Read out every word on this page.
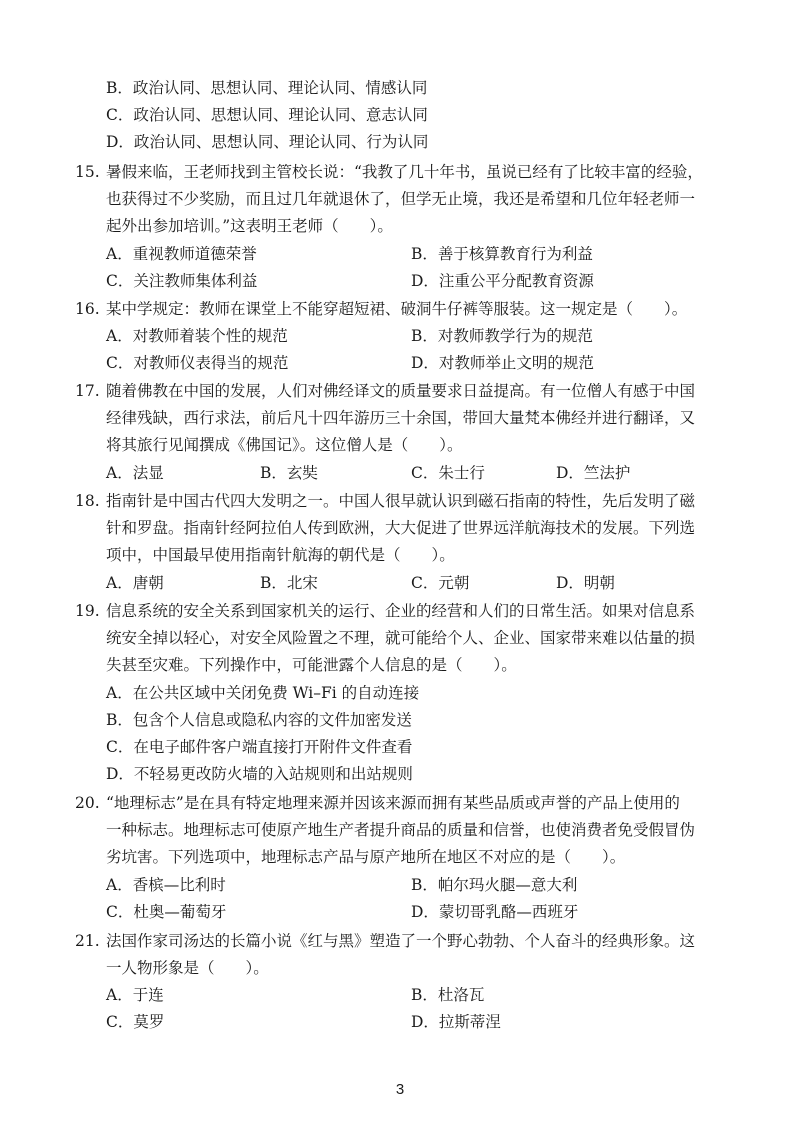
B．政治认同、思想认同、理论认同、情感认同
C．政治认同、思想认同、理论认同、意志认同
D．政治认同、思想认同、理论认同、行为认同
15. 暑假来临，王老师找到主管校长说：“我教了几十年书，虽说已经有了比较丰富的经验，
也获得过不少奖励，而且过几年就退休了，但学无止境，我还是希望和几位年轻老师一
起外出参加培训。”这表明王老师（　　）。
A．重视教师道德荣誉	B．善于核算教育行为利益
C．关注教师集体利益	D．注重公平分配教育资源
16. 某中学规定：教师在课堂上不能穿超短裙、破洞牛仔裤等服装。这一规定是（　　）。
A．对教师着装个性的规范	B．对教师教学行为的规范
C．对教师仪表得当的规范	D．对教师举止文明的规范
17. 随着佛教在中国的发展，人们对佛经译文的质量要求日益提高。有一位僧人有感于中国
经律残缺，西行求法，前后凡十四年游历三十余国，带回大量梵本佛经并进行翻译，又
将其旅行见闻撰成《佛国记》。这位僧人是（　　）。
A．法显	B．玄奘	C．朱士行	D．竺法护
18. 指南针是中国古代四大发明之一。中国人很早就认识到磁石指南的特性，先后发明了磁
针和罗盘。指南针经阿拉伯人传到欧洲，大大促进了世界远洋航海技术的发展。下列选
项中，中国最早使用指南针航海的朝代是（　　）。
A．唐朝	B．北宋	C．元朝	D．明朝
19. 信息系统的安全关系到国家机关的运行、企业的经营和人们的日常生活。如果对信息系
统安全掉以轻心，对安全风险置之不理，就可能给个人、企业、国家带来难以估量的损
失甚至灾难。下列操作中，可能泄露个人信息的是（　　）。
A．在公共区域中关闭免费 Wi–Fi 的自动连接
B．包含个人信息或隐私内容的文件加密发送
C．在电子邮件客户端直接打开附件文件查看
D．不轻易更改防火墙的入站规则和出站规则
20. “地理标志”是在具有特定地理来源并因该来源而拥有某些品质或声誉的产品上使用的
一种标志。地理标志可使原产地生产者提升商品的质量和信誉，也使消费者免受假冒伪
劣坑害。下列选项中，地理标志产品与原产地所在地区不对应的是（　　）。
A．香槟—比利时	B．帕尔玛火腿—意大利
C．杜奥—葡萄牙	D．蒙切哥乳酪—西班牙
21. 法国作家司汤达的长篇小说《红与黑》塑造了一个野心勃勃、个人奋斗的经典形象。这
一人物形象是（　　）。
A．于连	B．杜洛瓦
C．莫罗	D．拉斯蒂涅
3
